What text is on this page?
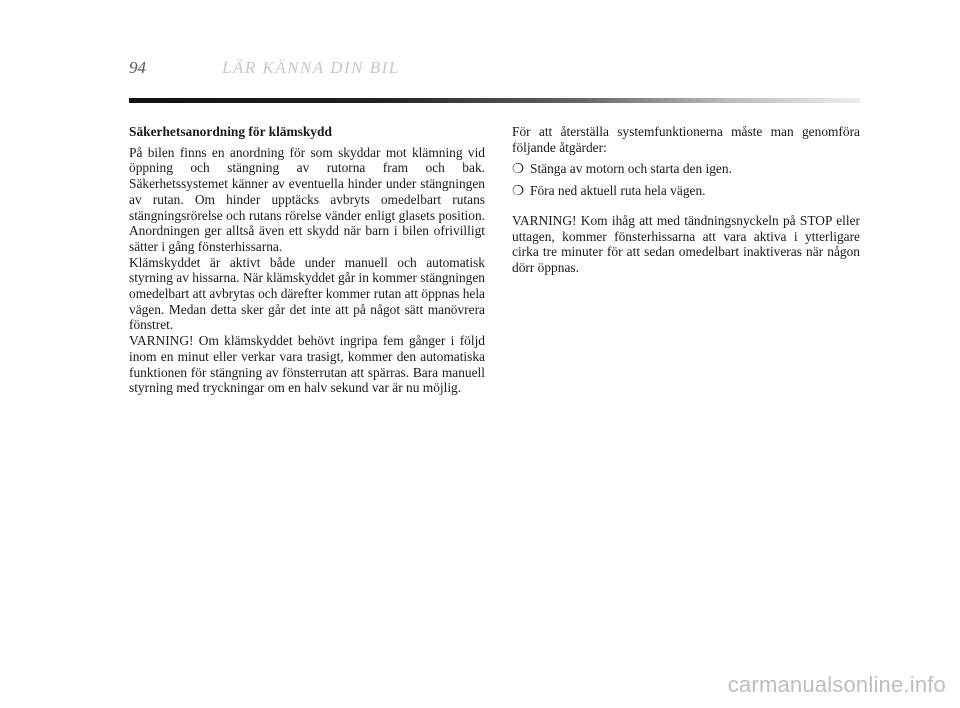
94	LÄR KÄNNA DIN BIL

Säkerhetsanordning för klämskydd

På bilen finns en anordning för som skyddar mot klämning vid öppning och stängning av rutorna fram och bak. Säkerhetssystemet känner av eventuella hinder under stängningen av rutan. Om hinder upptäcks avbryts omedelbart rutans stängningsrörelse och rutans rörelse vänder enligt glasets position. Anordningen ger alltså även ett skydd när barn i bilen ofrivilligt sätter i gång fönsterhissarna.

Klämskyddet är aktivt både under manuell och automatisk styrning av hissarna. När klämskyddet går in kommer stängningen omedelbart att avbrytas och därefter kommer rutan att öppnas hela vägen. Medan detta sker går det inte att på något sätt manövrera fönstret.

VARNING! Om klämskyddet behövt ingripa fem gånger i följd inom en minut eller verkar vara trasigt, kommer den automatiska funktionen för stängning av fönsterrutan att spärras. Bara manuell styrning med tryckningar om en halv sekund var är nu möjlig.

För att återställa systemfunktionerna måste man genomföra följande åtgärder:

❍ Stänga av motorn och starta den igen.
❍ Föra ned aktuell ruta hela vägen.

VARNING! Kom ihåg att med tändningsnyckeln på STOP eller uttagen, kommer fönsterhissarna att vara aktiva i ytterligare cirka tre minuter för att sedan omedelbart inaktiveras när någon dörr öppnas.

carmanualsonline.info
